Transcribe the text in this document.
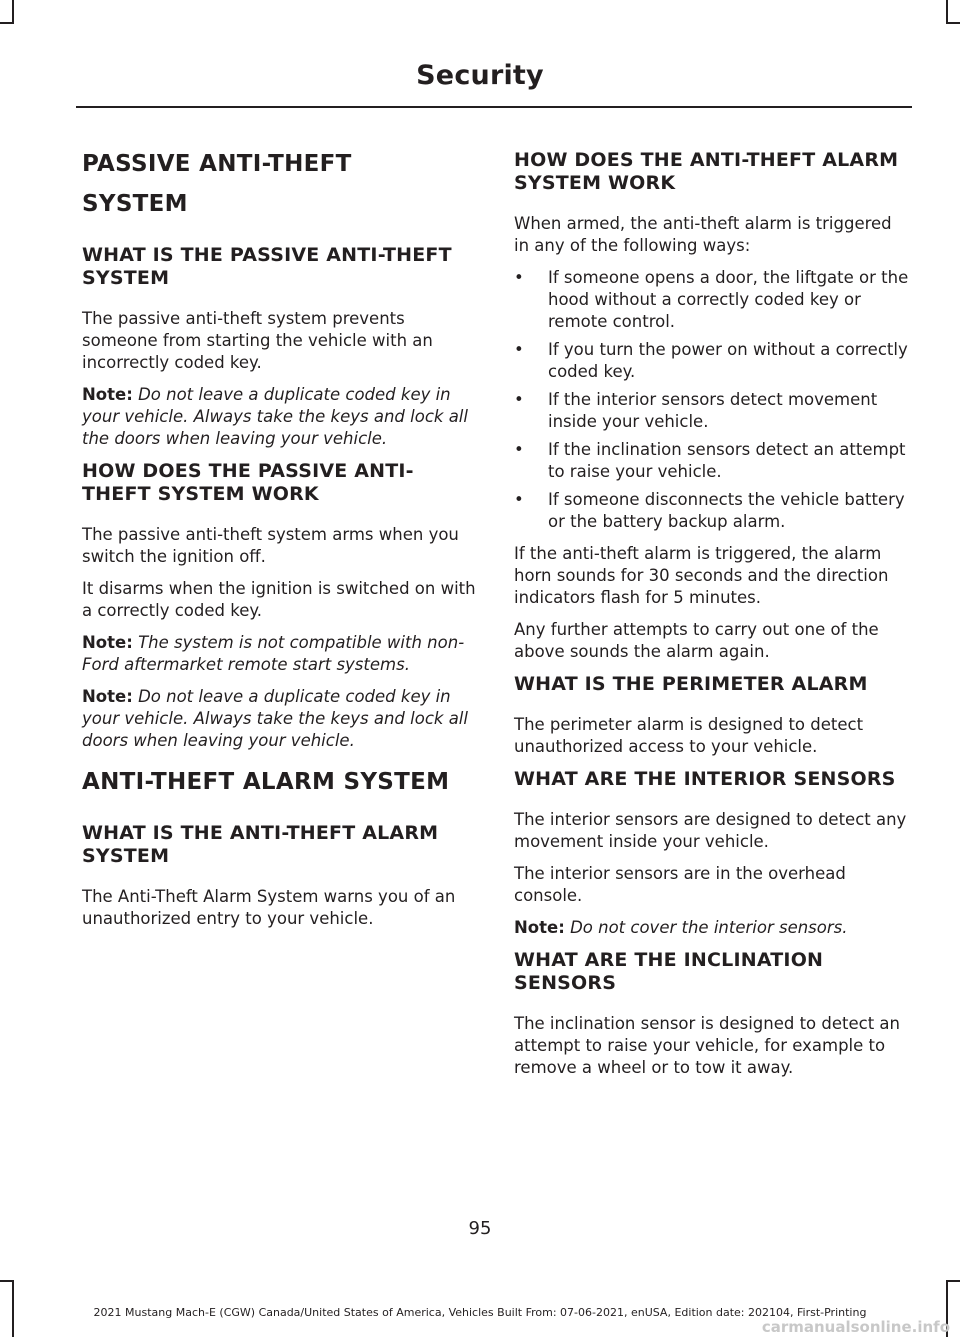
Security
PASSIVE ANTI-THEFT
SYSTEM
WHAT IS THE PASSIVE ANTI-THEFT SYSTEM

The passive anti-theft system prevents someone from starting the vehicle with an incorrectly coded key.

Note: Do not leave a duplicate coded key in your vehicle. Always take the keys and lock all the doors when leaving your vehicle.

HOW DOES THE PASSIVE ANTI-THEFT SYSTEM WORK

The passive anti-theft system arms when you switch the ignition off.

It disarms when the ignition is switched on with a correctly coded key.

Note: The system is not compatible with non-Ford aftermarket remote start systems.

Note: Do not leave a duplicate coded key in your vehicle. Always take the keys and lock all doors when leaving your vehicle.

ANTI-THEFT ALARM SYSTEM
WHAT IS THE ANTI-THEFT ALARM SYSTEM

The Anti-Theft Alarm System warns you of an unauthorized entry to your vehicle.

HOW DOES THE ANTI-THEFT ALARM SYSTEM WORK

When armed, the anti-theft alarm is triggered in any of the following ways:

•	If someone opens a door, the liftgate or the hood without a correctly coded key or remote control.
•	If you turn the power on without a correctly coded key.
•	If the interior sensors detect movement inside your vehicle.
•	If the inclination sensors detect an attempt to raise your vehicle.
•	If someone disconnects the vehicle battery or the battery backup alarm.

If the anti-theft alarm is triggered, the alarm horn sounds for 30 seconds and the direction indicators flash for 5 minutes.

Any further attempts to carry out one of the above sounds the alarm again.

WHAT IS THE PERIMETER ALARM

The perimeter alarm is designed to detect unauthorized access to your vehicle.

WHAT ARE THE INTERIOR SENSORS

The interior sensors are designed to detect any movement inside your vehicle.

The interior sensors are in the overhead console.

Note: Do not cover the interior sensors.

WHAT ARE THE INCLINATION SENSORS

The inclination sensor is designed to detect an attempt to raise your vehicle, for example to remove a wheel or to tow it away.

95
2021 Mustang Mach-E (CGW) Canada/United States of America, Vehicles Built From: 07-06-2021, enUSA, Edition date: 202104, First-Printing
carmanualsonline.info
